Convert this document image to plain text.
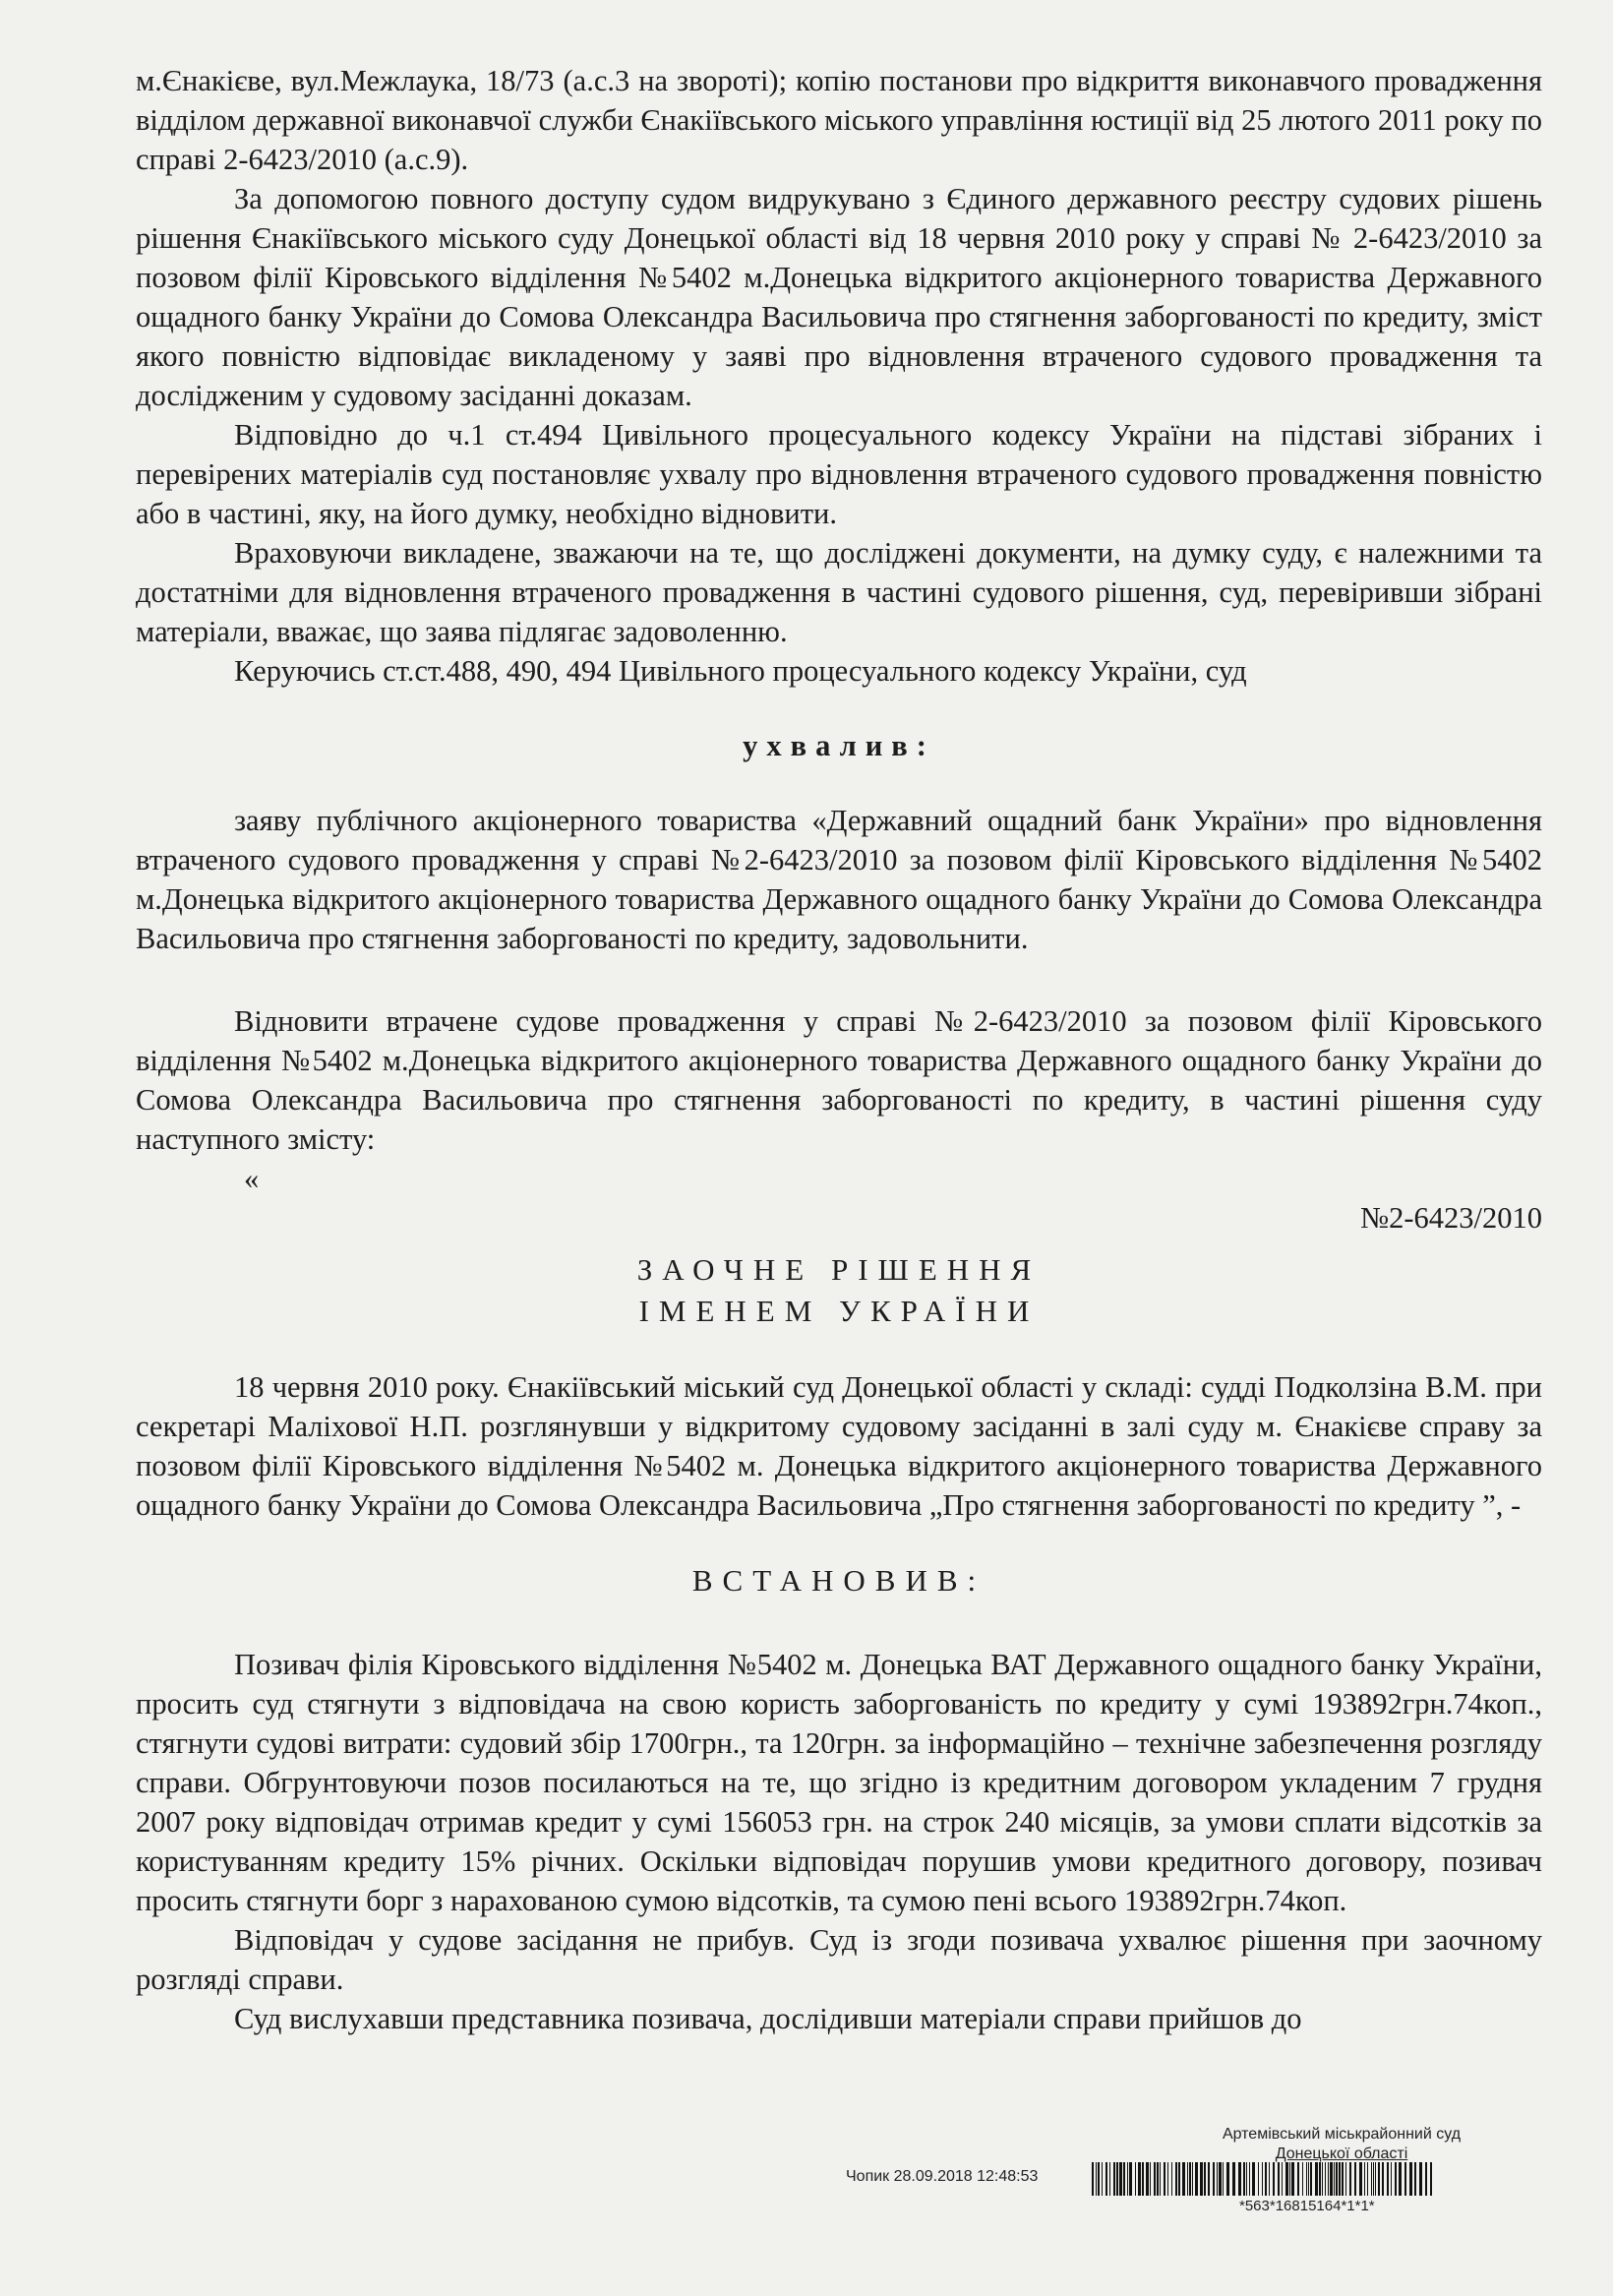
м.Єнакієве, вул.Межлаука, 18/73 (а.с.3 на звороті); копію постанови про відкриття виконавчого провадження відділом державної виконавчої служби Єнакіївського міського управління юстиції від 25 лютого 2011 року по справі 2-6423/2010 (а.с.9).

За допомогою повного доступу судом видрукувано з Єдиного державного реєстру судових рішень рішення Єнакіївського міського суду Донецької області від 18 червня 2010 року у справі № 2-6423/2010 за позовом філії Кіровського відділення №5402 м.Донецька відкритого акціонерного товариства Державного ощадного банку України до Сомова Олександра Васильовича про стягнення заборгованості по кредиту, зміст якого повністю відповідає викладеному у заяві про відновлення втраченого судового провадження та дослідженим у судовому засіданні доказам.

Відповідно до ч.1 ст.494 Цивільного процесуального кодексу України на підставі зібраних і перевірених матеріалів суд постановляє ухвалу про відновлення втраченого судового провадження повністю або в частині, яку, на його думку, необхідно відновити.

Враховуючи викладене, зважаючи на те, що досліджені документи, на думку суду, є належними та достатніми для відновлення втраченого провадження в частині судового рішення, суд, перевіривши зібрані матеріали, вважає, що заява підлягає задоволенню.

Керуючись ст.ст.488, 490, 494 Цивільного процесуального кодексу України, суд

ухвалив:

заяву публічного акціонерного товариства «Державний ощадний банк України» про відновлення втраченого судового провадження у справі №2-6423/2010 за позовом філії Кіровського відділення №5402 м.Донецька відкритого акціонерного товариства Державного ощадного банку України до Сомова Олександра Васильовича про стягнення заборгованості по кредиту, задовольнити.

Відновити втрачене судове провадження у справі №2-6423/2010 за позовом філії Кіровського відділення №5402 м.Донецька відкритого акціонерного товариства Державного ощадного банку України до Сомова Олександра Васильовича про стягнення заборгованості по кредиту, в частині рішення суду наступного змісту:

«

№2-6423/2010

ЗАОЧНЕ РІШЕННЯ

ІМЕНЕМ УКРАЇНИ

18 червня 2010 року. Єнакіївський міський суд Донецької області у складі: судді Подколзіна В.М. при секретарі Маліхової Н.П. розглянувши у відкритому судовому засіданні в залі суду м. Єнакієве справу за позовом філії Кіровського відділення №5402 м. Донецька відкритого акціонерного товариства Державного ощадного банку України до Сомова Олександра Васильовича „Про стягнення заборгованості по кредиту ”, -

ВСТАНОВИВ:

Позивач філія Кіровського відділення №5402 м. Донецька ВАТ Державного ощадного банку України, просить суд стягнути з відповідача на свою користь заборгованість по кредиту у сумі 193892грн.74коп., стягнути судові витрати: судовий збір 1700грн., та 120грн. за інформаційно – технічне забезпечення розгляду справи. Обгрунтовуючи позов посилаються на те, що згідно із кредитним договором укладеним 7 грудня 2007 року відповідач отримав кредит у сумі 156053 грн. на строк 240 місяців, за умови сплати відсотків за користуванням кредиту 15% річних. Оскільки відповідач порушив умови кредитного договору, позивач просить стягнути борг з нарахованою сумою відсотків, та сумою пені всього 193892грн.74коп.

Відповідач у судове засідання не прибув. Суд із згоди позивача ухвалює рішення при заочному розгляді справи.

Суд вислухавши представника позивача, дослідивши матеріали справи прийшов до

Артемівський міськрайонний суд
Донецької області
Чопик 28.09.2018 12:48:53
*563*16815164*1*1*
